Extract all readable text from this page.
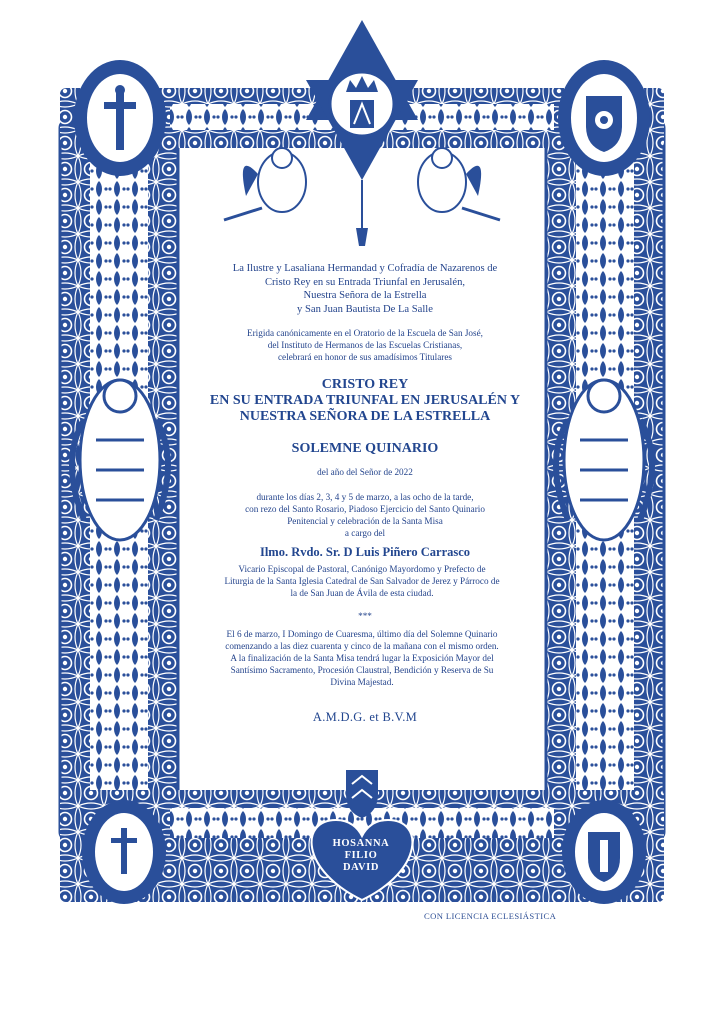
La Ilustre y Lasaliana Hermandad y Cofradía de Nazarenos de
Cristo Rey en su Entrada Triunfal en Jerusalén,
Nuestra Señora de la Estrella
y San Juan Bautista De La Salle
Erigida canónicamente en el Oratorio de la Escuela de San José,
del Instituto de Hermanos de las Escuelas Cristianas,
celebrará en honor de sus amadísimos Titulares
CRISTO REY
EN SU ENTRADA TRIUNFAL EN JERUSALÉN Y
NUESTRA SEÑORA DE LA ESTRELLA
SOLEMNE QUINARIO
del año del Señor de 2022
durante los días 2, 3, 4 y 5 de marzo, a las ocho de la tarde,
con rezo del Santo Rosario, Piadoso Ejercicio del Santo Quinario
Penitencial y celebración de la Santa Misa
a cargo del
Ilmo. Rvdo. Sr. D Luis Piñero Carrasco
Vicario Episcopal de Pastoral, Canónigo Mayordomo y Prefecto de
Liturgia de la Santa Iglesia Catedral de San Salvador de Jerez y Párroco de
la de San Juan de Ávila de esta ciudad.
***
El 6 de marzo, I Domingo de Cuaresma, último día del Solemne Quinario
comenzando a las diez cuarenta y cinco de la mañana con el mismo orden.
A la finalización de la Santa Misa tendrá lugar la Exposición Mayor del
Santísimo Sacramento, Procesión Claustral, Bendición y Reserva de Su
Divina Majestad.
A.M.D.G. et B.V.M
HOSANNA
FILIO
DAVID
CON LICENCIA ECLESIÁSTICA
